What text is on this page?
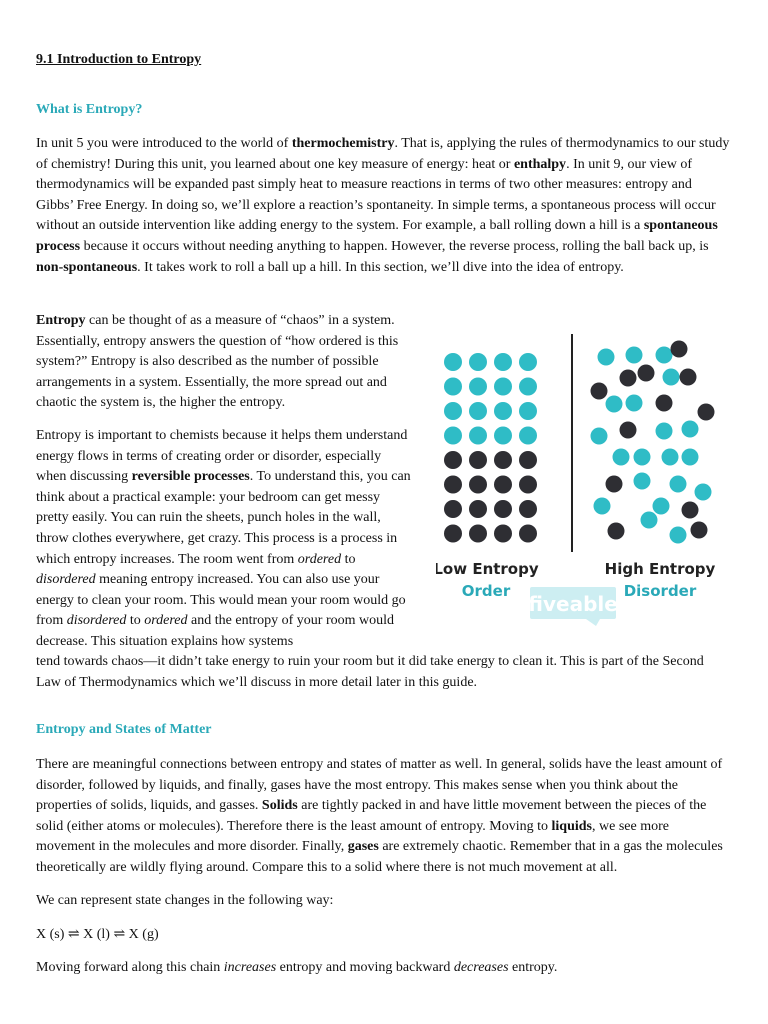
9.1 Introduction to Entropy
What is Entropy?

In unit 5 you were introduced to the world of thermochemistry. That is, applying the rules of thermodynamics to our study of chemistry! During this unit, you learned about one key measure of energy: heat or enthalpy. In unit 9, our view of thermodynamics will be expanded past simply heat to measure reactions in terms of two other measures: entropy and Gibbs’ Free Energy. In doing so, we’ll explore a reaction’s spontaneity. In simple terms, a spontaneous process will occur without an outside intervention like adding energy to the system. For example, a ball rolling down a hill is a spontaneous process because it occurs without needing anything to happen. However, the reverse process, rolling the ball back up, is non-spontaneous. It takes work to roll a ball up a hill. In this section, we’ll dive into the idea of entropy.

Entropy can be thought of as a measure of “chaos” in a system. Essentially, entropy answers the question of “how ordered is this system?” Entropy is also described as the number of possible arrangements in a system. Essentially, the more spread out and chaotic the system is, the higher the entropy.

Entropy is important to chemists because it helps them understand energy flows in terms of creating order or disorder, especially when discussing reversible processes. To understand this, you can think about a practical example: your bedroom can get messy pretty easily. You can ruin the sheets, punch holes in the wall, throw clothes everywhere, get crazy. This process is a process in which entropy increases. The room went from ordered to disordered meaning entropy increased. You can also use your energy to clean your room. This would mean your room would go from disordered to ordered and the entropy of your room would decrease. This situation explains how systems

tend towards chaos—it didn’t take energy to ruin your room but it did take energy to clean it. This is part of the Second Law of Thermodynamics which we’ll discuss in more detail later in this guide.

Entropy and States of Matter

There are meaningful connections between entropy and states of matter as well. In general, solids have the least amount of disorder, followed by liquids, and finally, gases have the most entropy. This makes sense when you think about the properties of solids, liquids, and gasses. Solids are tightly packed in and have little movement between the pieces of the solid (either atoms or molecules). Therefore there is the least amount of entropy. Moving to liquids, we see more movement in the molecules and more disorder. Finally, gases are extremely chaotic. Remember that in a gas the molecules theoretically are wildly flying around. Compare this to a solid where there is not much movement at all.

We can represent state changes in the following way:

X (s) ⇌ X (l) ⇌ X (g)

Moving forward along this chain increases entropy and moving backward decreases entropy.

fiveable
Low Entropy
Order
High Entropy
Disorder
